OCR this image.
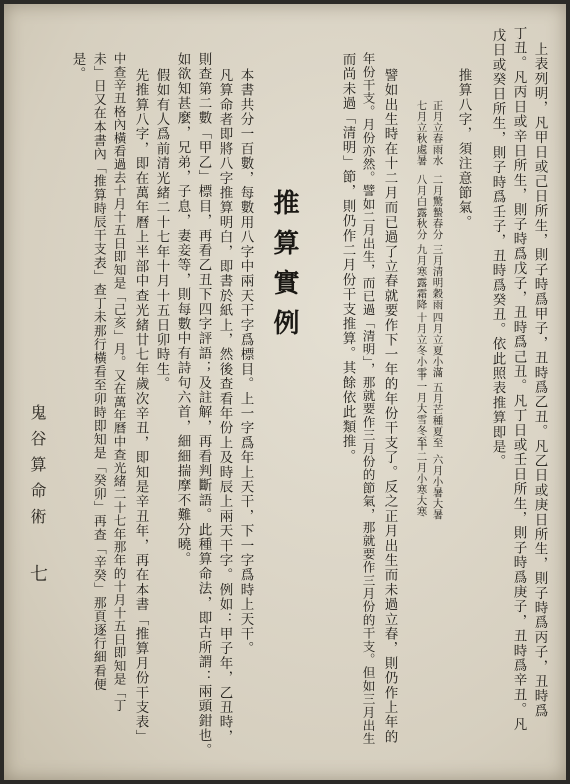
上表列明，凡甲日或己日所生，則子時爲甲子，丑時爲乙丑。凡乙日或庚日所生，則子時爲丙子，丑時爲
丁丑。凡丙日或辛日所生，則子時爲戊子，丑時爲己丑。凡丁日或壬日所生，則子時爲庚子，丑時爲辛丑。凡
戊日或癸日所生，則子時爲壬子，丑時爲癸丑。依此照表推算即是。
推算八字，須注意節氣。
正月立春雨水
七月立秋處暑
二月驚蟄春分
八月白露秋分
三月清明穀雨
九月寒露霜降
四月立夏小滿
十月立冬小雪
五月芒種夏至
十一月大雪冬至
六月小暑大暑
十二月小寒大寒
譬如出生時在十二月而已過了立春就要作下一年的年份干支了。反之正月出生而未過立春，則仍作上年的
年份干支。月份亦然。譬如二月出生，而已過「清明」，那就要作三月份的節氣，那就要作三月份的干支。但如三月出生
而尚未過「清明」節，則仍作二月份干支推算。其餘依此類推。
推算實例
本書共分一百數，每數用八字中兩天干字爲標目。上一字爲年上天干，下一字爲時上天干。
凡算命者即將八字推算明白，即書於紙上，然後查看年份上及時辰上兩天干字。例如：甲子年，乙丑時，
則查第二數「甲乙」標目，再看乙丑下四字評語；及註解，再看判斷語。此種算命法，即古所謂：兩頭鉗也。
如欲知甚麼，兄弟，子息，妻妾等，則每數中有詩句六首，細細揣摩不難分曉。
假如有人爲前清光緒二十七年十月十五日卯時生。
先推算八字，即在萬年曆上半部中查光緒廿七年歲次辛丑，即知是辛丑年，再在本書「推算月份干支表」
中查辛丑格內橫看過去十月十五日即知是「己亥」月。又在萬年曆中查光緒二十七年那年的十月十五日即知是「丁
未」日又在本書內「推算時辰干支表」查丁未那行橫看至卯時即知是「癸卯」再查「辛癸」那頁逐行細看便
是。
鬼谷算命術
七
